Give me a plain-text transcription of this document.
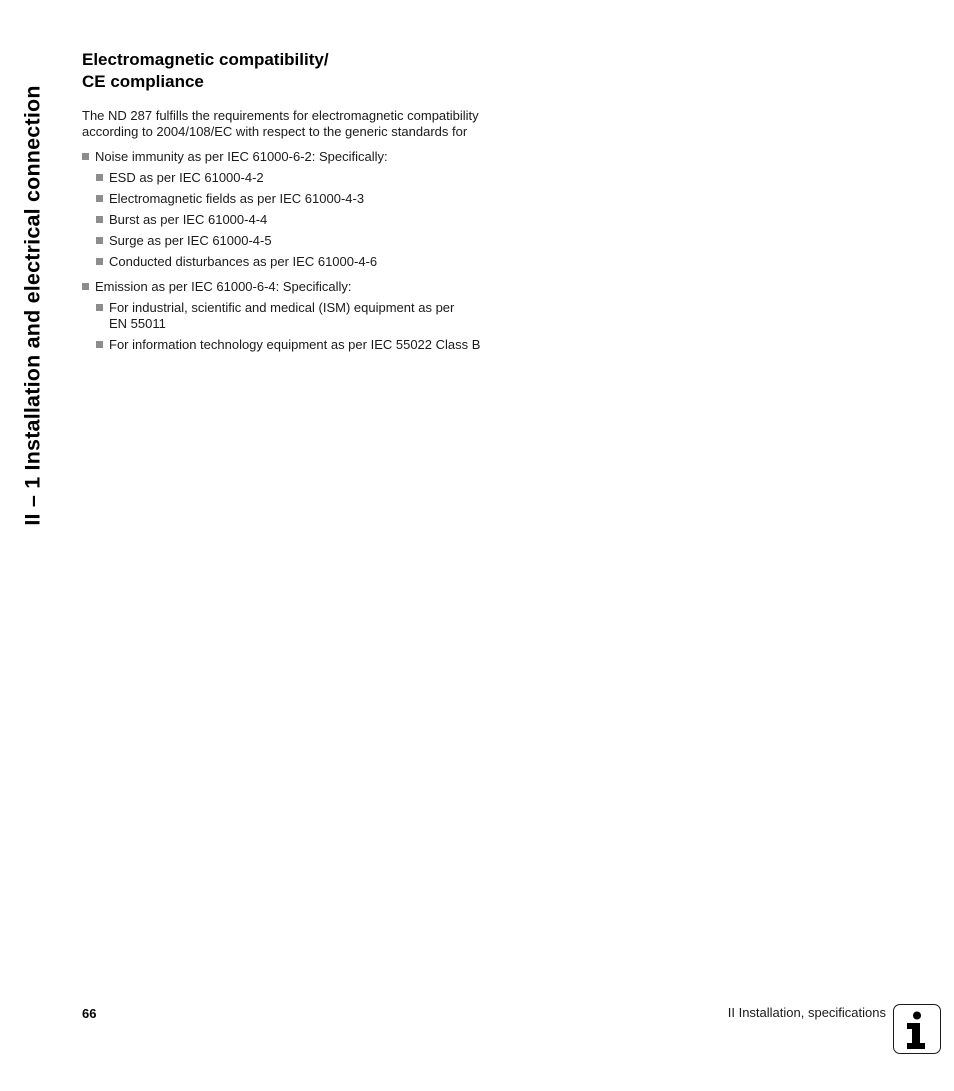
II – 1 Installation and electrical connection
Electromagnetic compatibility/
CE compliance

The ND 287 fulfills the requirements for electromagnetic compatibility
according to 2004/108/EC with respect to the generic standards for

Noise immunity as per IEC 61000-6-2: Specifically:
ESD as per IEC 61000-4-2
Electromagnetic fields as per IEC 61000-4-3
Burst as per IEC 61000-4-4
Surge as per IEC 61000-4-5
Conducted disturbances as per IEC 61000-4-6
Emission as per IEC 61000-6-4: Specifically:
For industrial, scientific and medical (ISM) equipment as per
EN 55011
For information technology equipment as per IEC 55022 Class B
66	II Installation, specifications
